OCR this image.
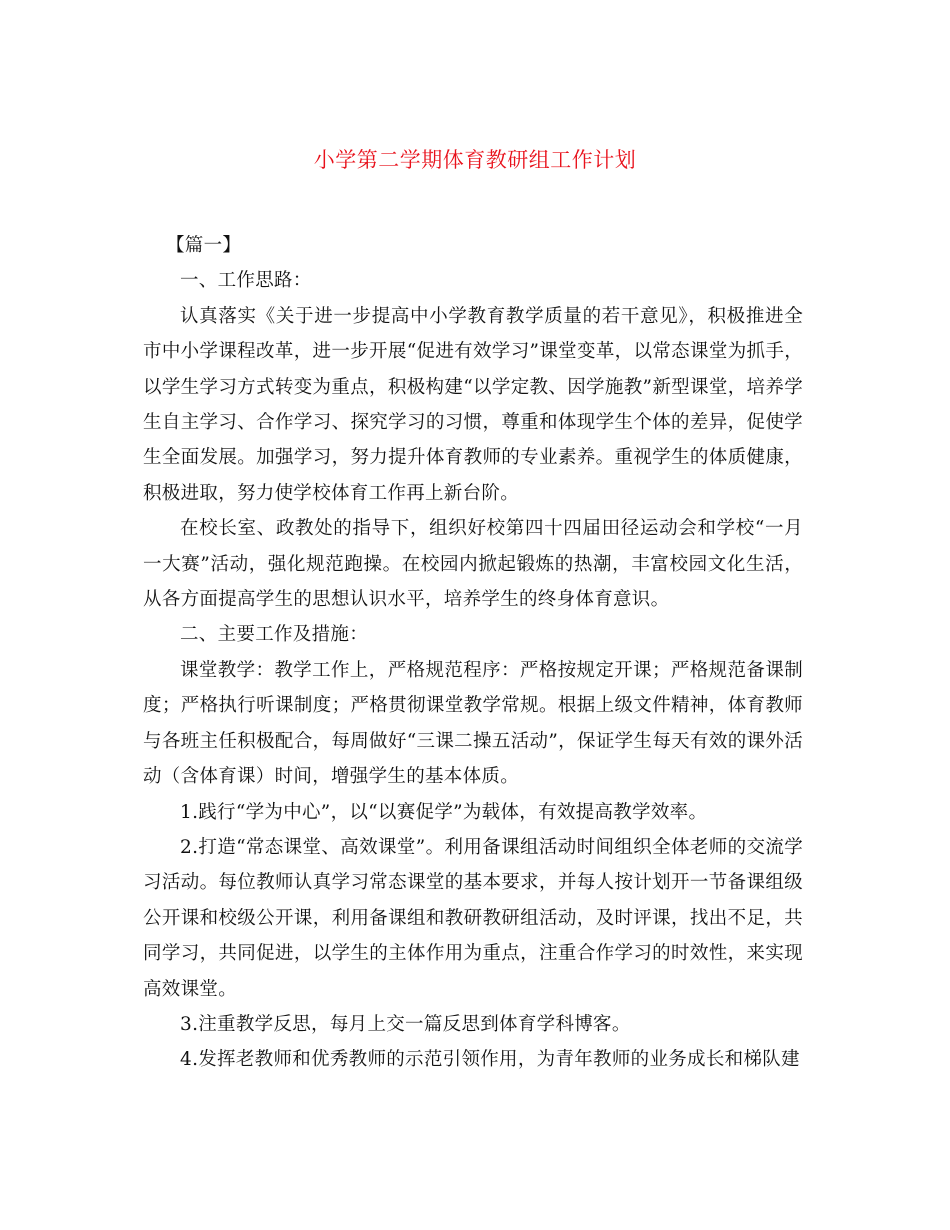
小学第二学期体育教研组工作计划

【篇一】

一、工作思路：

认真落实《关于进一步提高中小学教育教学质量的若干意见》，积极推进全市中小学课程改革，进一步开展“促进有效学习”课堂变革，以常态课堂为抓手，以学生学习方式转变为重点，积极构建“以学定教、因学施教”新型课堂，培养学生自主学习、合作学习、探究学习的习惯，尊重和体现学生个体的差异，促使学生全面发展。加强学习，努力提升体育教师的专业素养。重视学生的体质健康，积极进取，努力使学校体育工作再上新台阶。

在校长室、政教处的指导下，组织好校第四十四届田径运动会和学校“一月一大赛”活动，强化规范跑操。在校园内掀起锻炼的热潮，丰富校园文化生活，从各方面提高学生的思想认识水平，培养学生的终身体育意识。

二、主要工作及措施：

课堂教学：教学工作上，严格规范程序：严格按规定开课；严格规范备课制度；严格执行听课制度；严格贯彻课堂教学常规。根据上级文件精神，体育教师与各班主任积极配合，每周做好“三课二操五活动”，保证学生每天有效的课外活动（含体育课）时间，增强学生的基本体质。

1.践行“学为中心”，以“以赛促学”为载体，有效提高教学效率。

2.打造“常态课堂、高效课堂”。利用备课组活动时间组织全体老师的交流学习活动。每位教师认真学习常态课堂的基本要求，并每人按计划开一节备课组级公开课和校级公开课，利用备课组和教研教研组活动，及时评课，找出不足，共同学习，共同促进，以学生的主体作用为重点，注重合作学习的时效性，来实现高效课堂。

3.注重教学反思，每月上交一篇反思到体育学科博客。

4.发挥老教师和优秀教师的示范引领作用，为青年教师的业务成长和梯队建
